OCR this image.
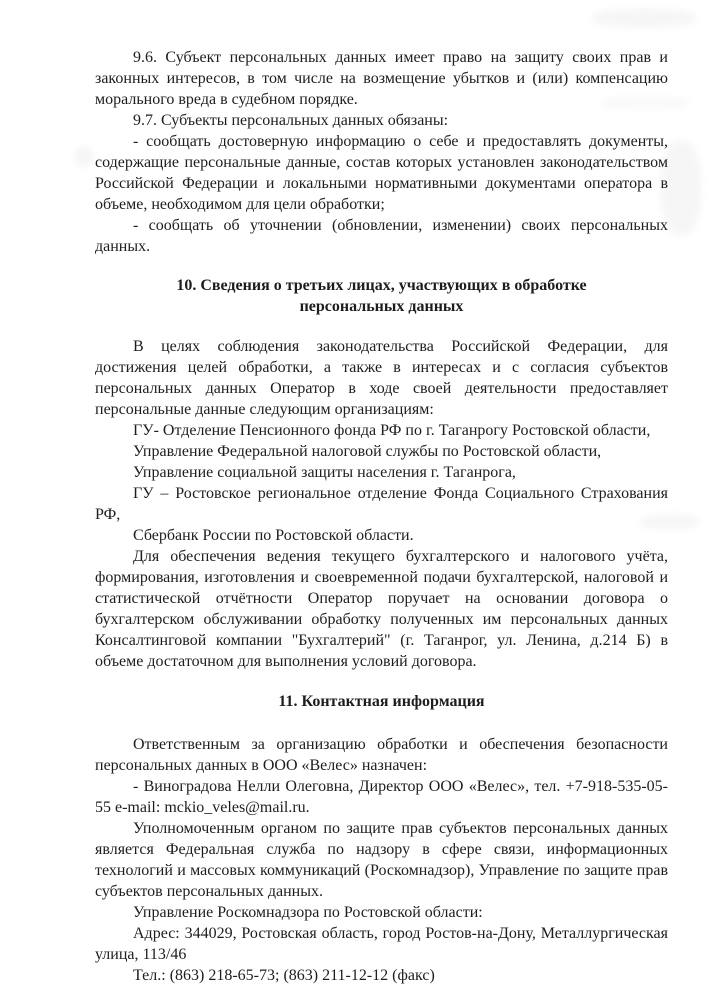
9.6. Субъект персональных данных имеет право на защиту своих прав и законных интересов, в том числе на возмещение убытков и (или) компенсацию морального вреда в судебном порядке.

9.7. Субъекты персональных данных обязаны:

- сообщать достоверную информацию о себе и предоставлять документы, содержащие персональные данные, состав которых установлен законодательством Российской Федерации и локальными нормативными документами оператора в объеме, необходимом для цели обработки;

- сообщать об уточнении (обновлении, изменении) своих персональных данных.

10. Сведения о третьих лицах, участвующих в обработке персональных данных

В целях соблюдения законодательства Российской Федерации, для достижения целей обработки, а также в интересах и с согласия субъектов персональных данных Оператор в ходе своей деятельности предоставляет персональные данные следующим организациям:

ГУ- Отделение Пенсионного фонда РФ по г. Таганрогу Ростовской области,

Управление Федеральной налоговой службы по Ростовской области,

Управление социальной защиты населения г. Таганрога,

ГУ – Ростовское региональное отделение Фонда Социального Страхования РФ,

Сбербанк России по Ростовской области.

Для обеспечения ведения текущего бухгалтерского и налогового учёта, формирования, изготовления и своевременной подачи бухгалтерской, налоговой и статистической отчётности Оператор поручает на основании договора о бухгалтерском обслуживании обработку полученных им персональных данных Консалтинговой компании "Бухгалтерий" (г. Таганрог, ул. Ленина, д.214 Б) в объеме достаточном для выполнения условий договора.

11. Контактная информация

Ответственным за организацию обработки и обеспечения безопасности персональных данных в ООО «Велес» назначен:

- Виноградова Нелли Олеговна, Директор ООО «Велес», тел. +7-918-535-05-55 e-mail: mckio_veles@mail.ru.

Уполномоченным органом по защите прав субъектов персональных данных является Федеральная служба по надзору в сфере связи, информационных технологий и массовых коммуникаций (Роскомнадзор), Управление по защите прав субъектов персональных данных.

Управление Роскомнадзора по Ростовской области:

Адрес: 344029, Ростовская область, город Ростов-на-Дону, Металлургическая улица, 113/46

Тел.: (863) 218-65-73; (863) 211-12-12 (факс)
